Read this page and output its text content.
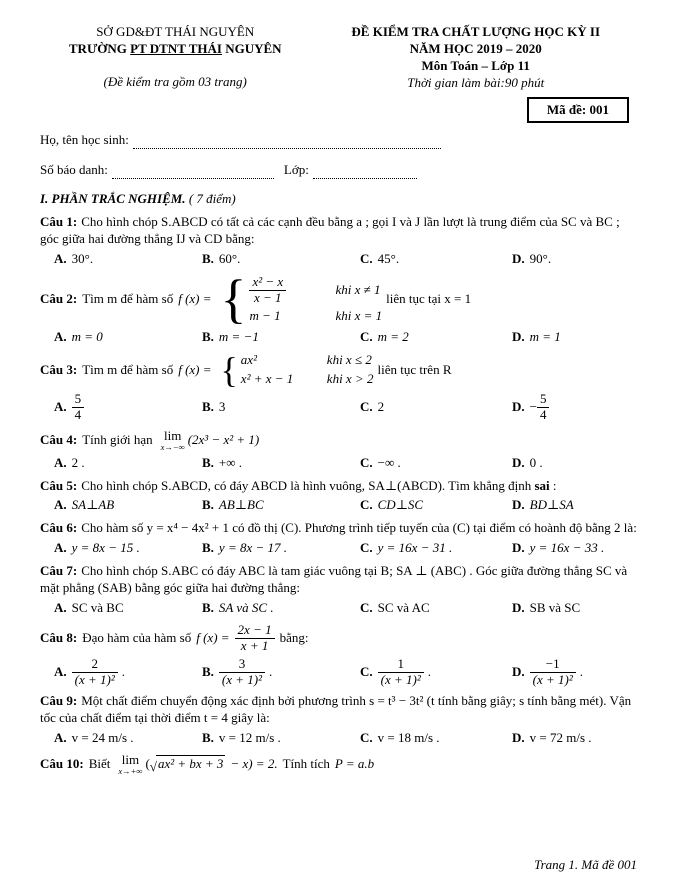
SỞ GD&ĐT THÁI NGUYÊN
TRƯỜNG PT DTNT THÁI NGUYÊN
(Đề kiểm tra gồm 03 trang)
ĐỀ KIỂM TRA CHẤT LƯỢNG HỌC KỲ II
NĂM HỌC 2019 – 2020
Môn Toán – Lớp 11
Thời gian làm bài:90 phút
Mã đề: 001
Họ, tên học sinh:
Số báo danh:	Lớp:
I. PHẦN TRẮC NGHIỆM. ( 7 điểm)
Câu 1: Cho hình chóp S.ABCD có tất cả các cạnh đều bằng a ; gọi I và J lần lượt là trung điểm của SC và BC ; góc giữa hai đường thẳng IJ và CD bằng:
A. 30°.	B. 60°.	C. 45°.	D. 90°.
Câu 2: Tìm m để hàm số f (x) = { $\frac{\text{x² − x}}{x - 1}$	khi x ≠ 1
m − 1	khi x = 1
liên tục tại x = 1
A. m = 0	B. m = −1	C. m = 2	D. m = 1
Câu 3: Tìm m để hàm số f (x) = { ax²	khi x ≤ 2
x² + x − 1	khi x > 2
liên tục trên R
A. $\frac{5}{4}$	B. 3	C. 2	D. − $\frac{5}{4}$
Câu 4: Tính giới hạn lim
x→−∞
(2x³ − x² + 1)
A. 2 .	B. +∞ .	C. −∞ .	D. 0 .
Câu 5: Cho hình chóp S.ABCD, có đáy ABCD là hình vuông, SA⊥(ABCD). Tìm khẳng định sai :
A. SA⊥AB	B. AB⊥BC	C. CD⊥SC	D. BD⊥SA
Câu 6: Cho hàm số y = x⁴ − 4x² + 1 có đồ thị (C). Phương trình tiếp tuyến của (C) tại điểm có hoành độ bằng 2 là:
A. y = 8x − 15 .	B. y = 8x − 17 .	C. y = 16x − 31 .	D. y = 16x − 33 .
Câu 7: Cho hình chóp S.ABC có đáy ABC là tam giác vuông tại B; SA ⊥ (ABC) . Góc giữa đường thẳng SC và mặt phẳng (SAB) bằng góc giữa hai đường thẳng:
A. SC và BC	B. SA và SC .	C. SC và AC	D. SB và SC
Câu 8: Đạo hàm của hàm số f $(x) = \frac{2x - 1}{x + 1}$ bằng:
A. $\frac{2}{\text{(x + 1)²}}$ .	B. $\frac{3}{\text{(x + 1)²}}$ .	C. $\frac{1}{\text{(x + 1)²}}$ .	D. $\frac{-1}{\text{(x + 1)²}}$ .
Câu 9: Một chất điểm chuyển động xác định bởi phương trình s = t³ − 3t² (t tính bằng giây; s tính bằng mét). Vận tốc của chất điểm tại thời điểm t = 4 giây là:
A. v = 24 m/s .	B. v = 12 m/s .	C. v = 18 m/s .	D. v = 72 m/s .
Câu 10: Biết lim
x→+∞
( √ ax² + bx + 3 − x) = 2. Tính tích P = a.b
Trang 1. Mã đề 001
